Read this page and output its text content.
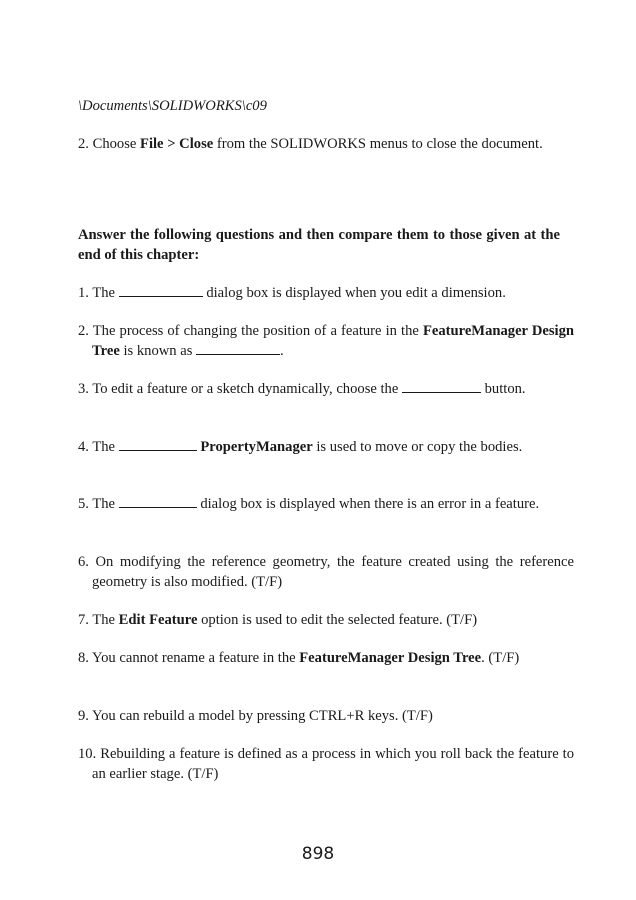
\Documents\SOLIDWORKS\c09
2. Choose File > Close from the SOLIDWORKS menus to close the document.
Answer the following questions and then compare them to those given at the end of this chapter:
1. The	dialog box is displayed when you edit a dimension.
2. The process of changing the position of a feature in the FeatureManager Design Tree is known as	.
3. To edit a feature or a sketch dynamically, choose the	button.
4. The	PropertyManager is used to move or copy the bodies.
5. The	dialog box is displayed when there is an error in a feature.
6. On modifying the reference geometry, the feature created using the reference geometry is also modified. (T/F)
7. The Edit Feature option is used to edit the selected feature. (T/F)
8. You cannot rename a feature in the FeatureManager Design Tree. (T/F)
9. You can rebuild a model by pressing CTRL+R keys. (T/F)
10. Rebuilding a feature is defined as a process in which you roll back the feature to an earlier stage. (T/F)
898
